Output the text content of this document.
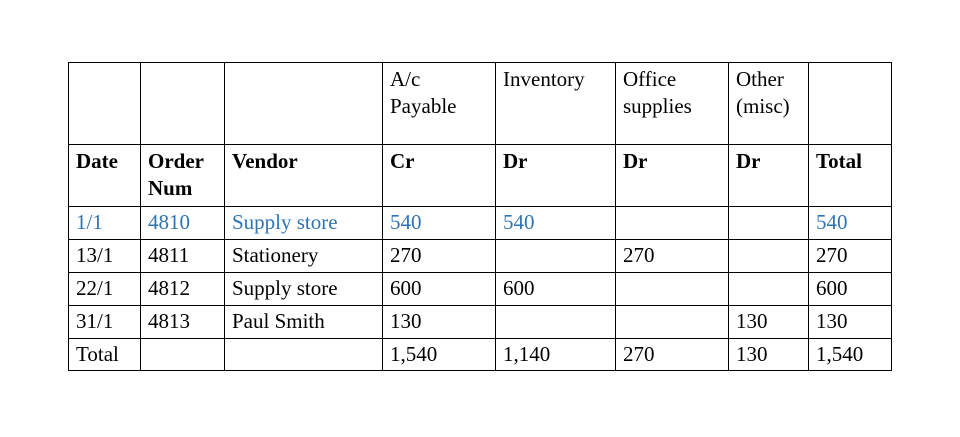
			A/c Payable	Inventory	Office supplies	Other (misc)	
Date	Order Num	Vendor	Cr	Dr	Dr	Dr	Total
1/1	4810	Supply store	540	540			540
13/1	4811	Stationery	270		270		270
22/1	4812	Supply store	600	600			600
31/1	4813	Paul Smith	130			130	130
Total			1,540	1,140	270	130	1,540
